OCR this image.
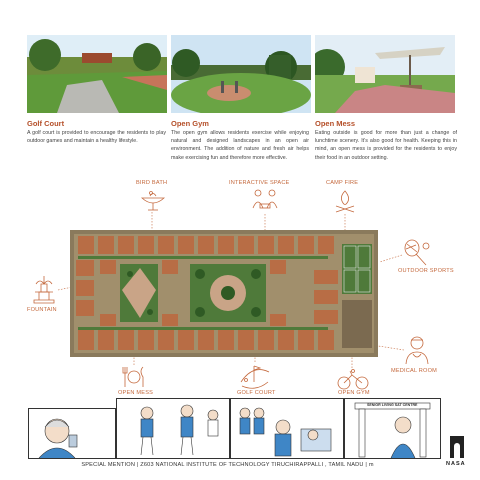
Golf Court
A golf court is provided to encourage the residents to play outdoor games and maintain a healthy lifestyle.
Open Gym
The open gym allows residents exercise while enjoying natural and designed landscapes in an open air environment. The addition of nature and fresh air helps make exercising fun and therefore more effective.
Open Mess
Eating outside is good for more than just a change of lunchtime scenery. It’s also good for health. Keeping this in mind, an open mess is provided for the residents to enjoy their food in an outdoor setting.
BIRD BATH	INTERACTIVE SPACE	CAMP FIRE
OUTDOOR SPORTS
FOUNTAIN
MEDICAL ROOM
OPEN MESS	GOLF COURT	OPEN GYM
SENIOR LIVING SAT CENTRE
SPECIAL MENTION | Z603 NATIONAL INSTITUTE OF TECHNOLOGY TIRUCHIRAPPALLI , TAMIL NADU | m	NASA
